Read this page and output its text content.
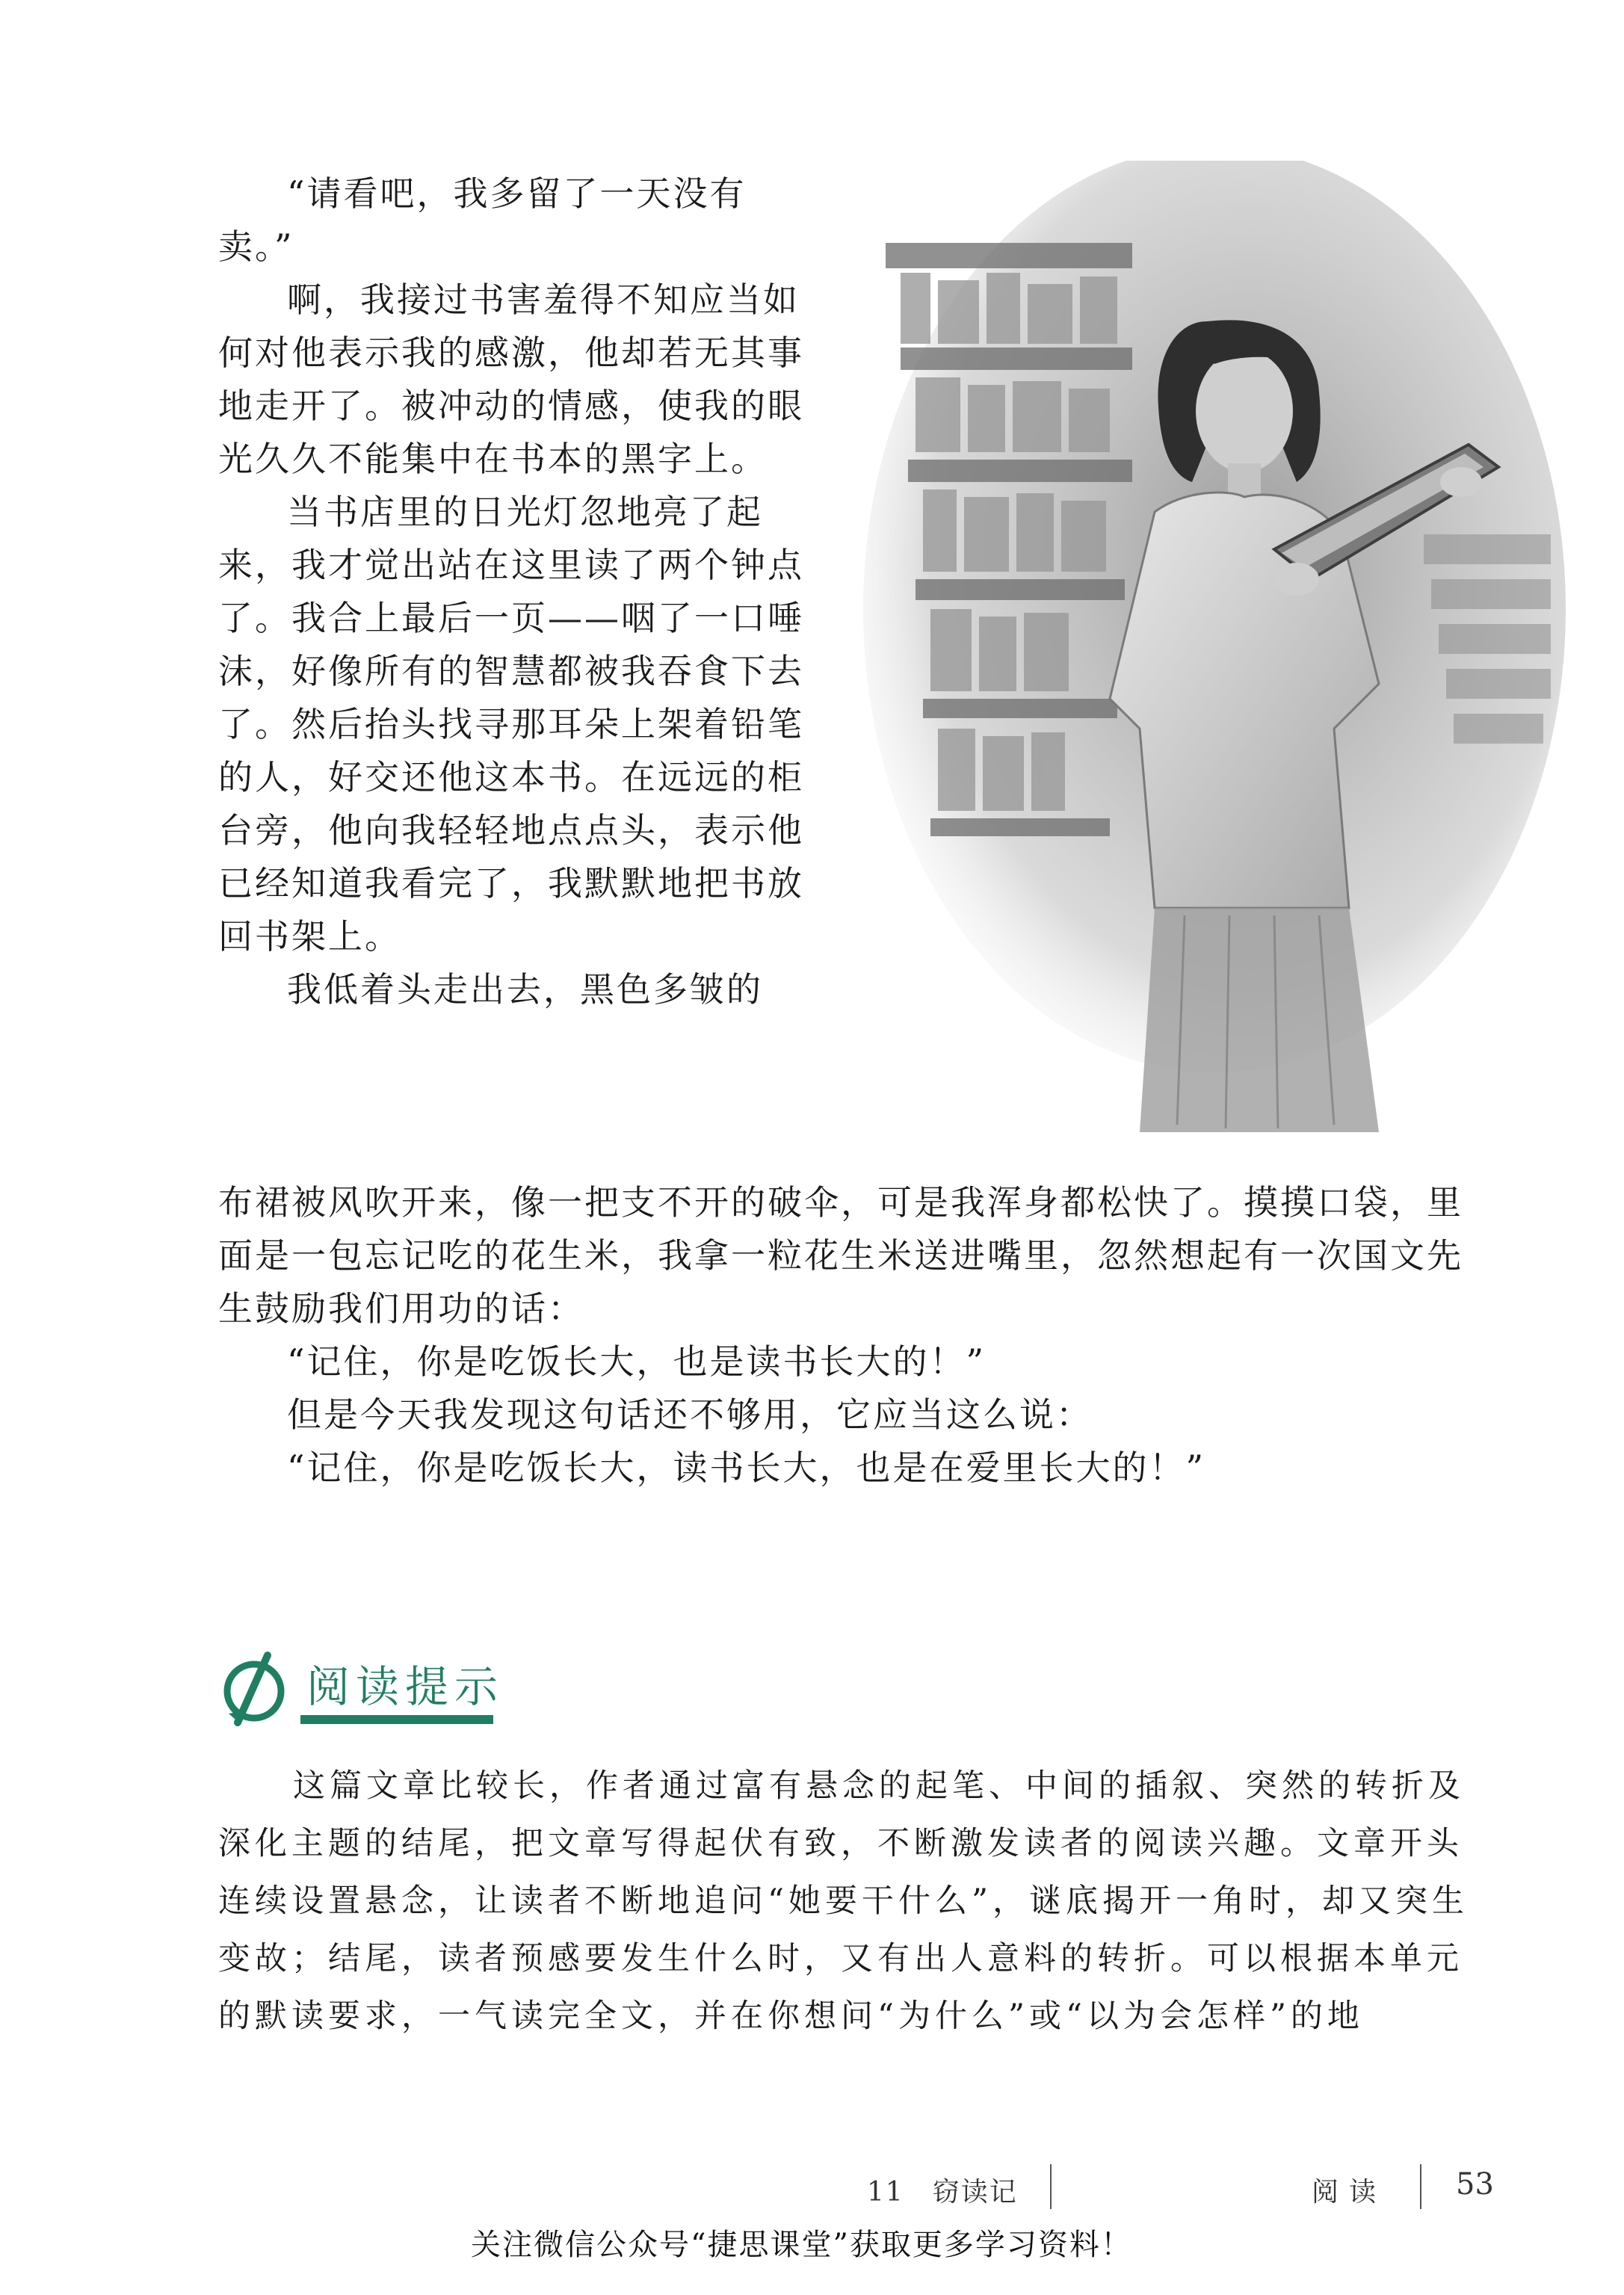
“请看吧，我多留了一天没有卖。”

啊，我接过书害羞得不知应当如何对他表示我的感激，他却若无其事地走开了。被冲动的情感，使我的眼光久久不能集中在书本的黑字上。

当书店里的日光灯忽地亮了起来，我才觉出站在这里读了两个钟点了。我合上最后一页——咽了一口唾沫，好像所有的智慧都被我吞食下去了。然后抬头找寻那耳朵上架着铅笔的人，好交还他这本书。在远远的柜台旁，他向我轻轻地点点头，表示他已经知道我看完了，我默默地把书放回书架上。

我低着头走出去，黑色多皱的

布裙被风吹开来，像一把支不开的破伞，可是我浑身都松快了。摸摸口袋，里面是一包忘记吃的花生米，我拿一粒花生米送进嘴里，忽然想起有一次国文先生鼓励我们用功的话：

“记住，你是吃饭长大，也是读书长大的！”

但是今天我发现这句话还不够用，它应当这么说：

“记住，你是吃饭长大，读书长大，也是在爱里长大的！”

阅读提示

这篇文章比较长，作者通过富有悬念的起笔、中间的插叙、突然的转折及深化主题的结尾，把文章写得起伏有致，不断激发读者的阅读兴趣。文章开头连续设置悬念，让读者不断地追问“她要干什么”，谜底揭开一角时，却又突生变故；结尾，读者预感要发生什么时，又有出人意料的转折。可以根据本单元的默读要求，一气读完全文，并在你想问“为什么”或“以为会怎样”的地

11　窃读记	阅读 53
关注微信公众号“捷思课堂”获取更多学习资料！
